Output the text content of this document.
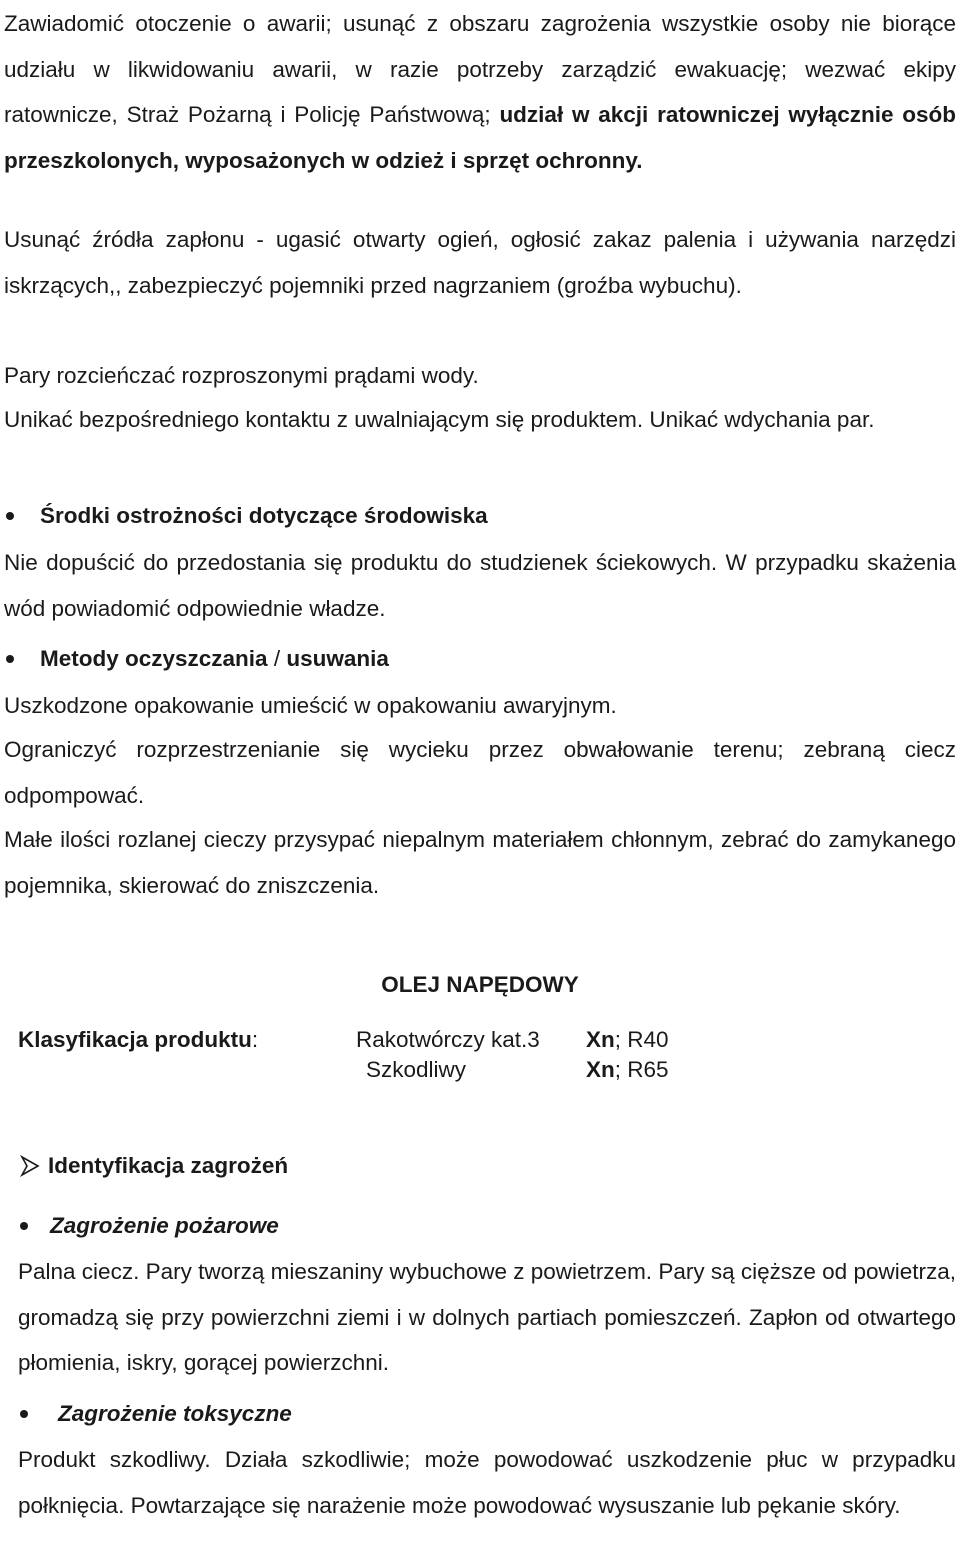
Zawiadomić otoczenie o awarii; usunąć z obszaru zagrożenia wszystkie osoby nie biorące udziału w likwidowaniu awarii, w razie potrzeby zarządzić ewakuację; wezwać ekipy ratownicze, Straż Pożarną i Policję Państwową; udział w akcji ratowniczej wyłącznie osób przeszkolonych, wyposażonych w odzież i sprzęt ochronny.

Usunąć źródła zapłonu - ugasić otwarty ogień, ogłosić zakaz palenia i używania narzędzi iskrzących,, zabezpieczyć pojemniki przed nagrzaniem (groźba wybuchu).

Pary rozcieńczać rozproszonymi prądami wody.

Unikać bezpośredniego kontaktu z uwalniającym się produktem. Unikać wdychania par.

Środki ostrożności dotyczące środowiska

Nie dopuścić do przedostania się produktu do studzienek ściekowych. W przypadku skażenia wód powiadomić odpowiednie władze.

Metody oczyszczania / usuwania

Uszkodzone opakowanie umieścić w opakowaniu awaryjnym.

Ograniczyć rozprzestrzenianie się wycieku przez obwałowanie terenu; zebraną ciecz odpompować.

Małe ilości rozlanej cieczy przysypać niepalnym materiałem chłonnym, zebrać do zamykanego pojemnika, skierować do zniszczenia.

OLEJ NAPĘDOWY
Klasyfikacja produktu:	Rakotwórczy kat.3 Xn; R40
Szkodliwy	Xn; R65
Identyfikacja zagrożeń
Zagrożenie pożarowe

Palna ciecz. Pary tworzą mieszaniny wybuchowe z powietrzem. Pary są cięższe od powietrza, gromadzą się przy powierzchni ziemi i w dolnych partiach pomieszczeń. Zapłon od otwartego płomienia, iskry, gorącej powierzchni.

Zagrożenie toksyczne

Produkt szkodliwy. Działa szkodliwie; może powodować uszkodzenie płuc w przypadku połknięcia. Powtarzające się narażenie może powodować wysuszanie lub pękanie skóry.
